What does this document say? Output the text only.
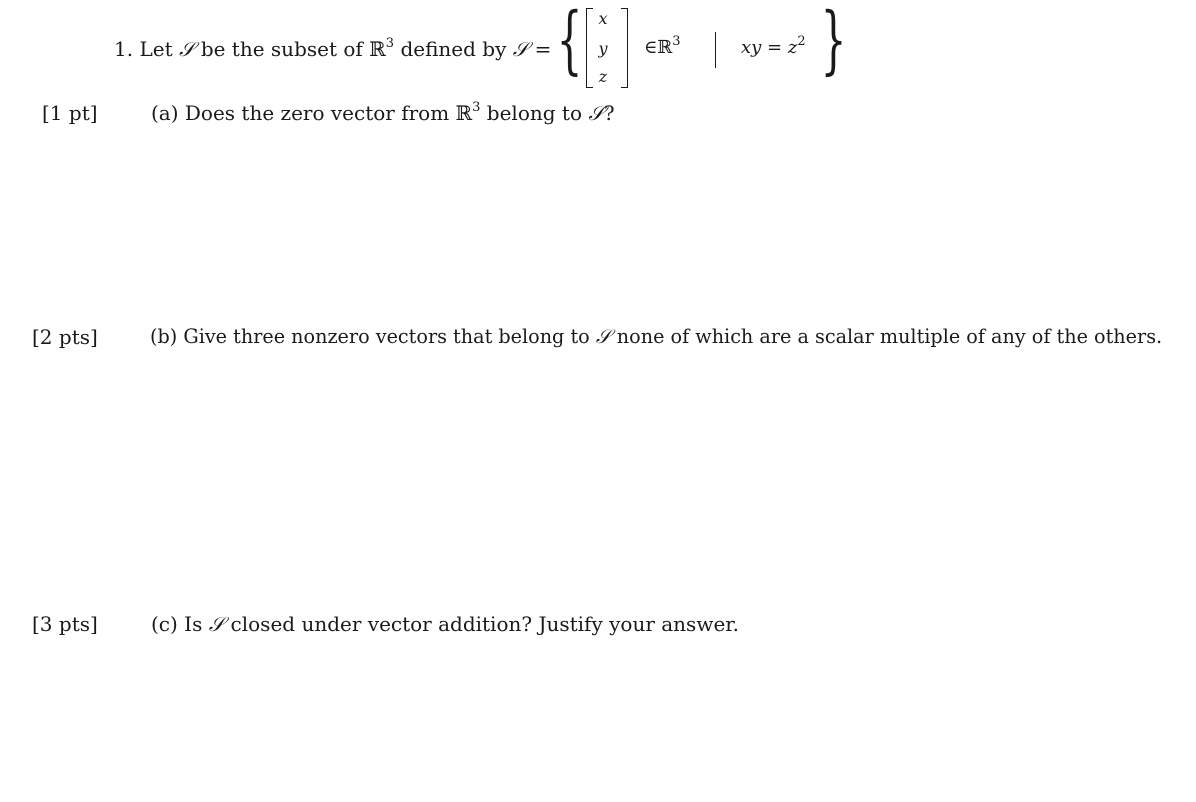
1. Let 𝒮 be the subset of ℝ$^3$ defined by 𝒮 = { x
y
z
∈ℝ$^3$	xy = $z^2$ }
[1 pt]	(a) Does the zero vector from ℝ$^3$ belong to 𝒮?
[2 pts]	(b) Give three nonzero vectors that belong to 𝒮 none of which are a scalar multiple of any of the others.
[3 pts]	(c) Is 𝒮 closed under vector addition? Justify your answer.
